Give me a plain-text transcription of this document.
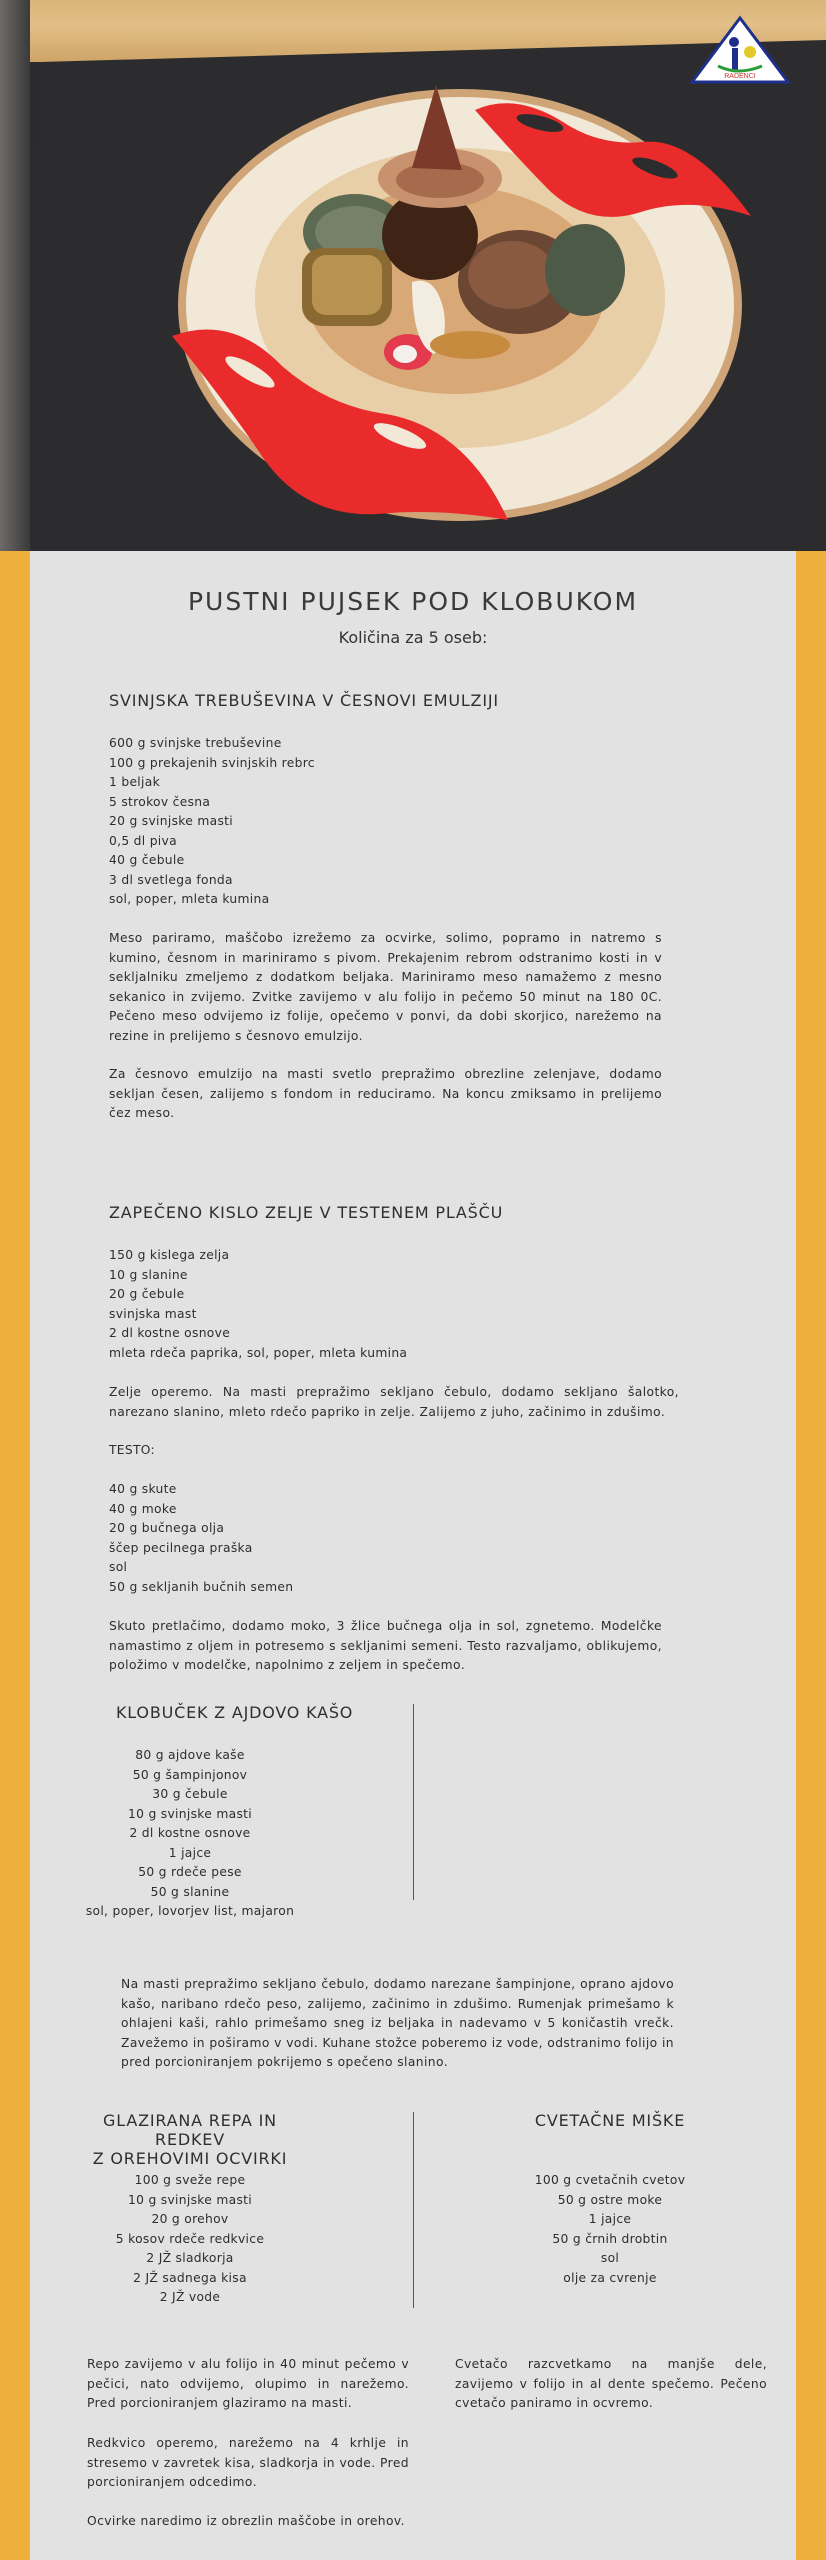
RADENCI
PUSTNI PUJSEK POD KLOBUKOM
Količina za 5 oseb:
SVINJSKA TREBUŠEVINA V ČESNOVI EMULZIJI
600 g svinjske trebuševine
100 g prekajenih svinjskih rebrc
1 beljak
5 strokov česna
20 g svinjske masti
0,5 dl piva
40 g čebule
3 dl svetlega fonda
sol, poper, mleta kumina

Meso pariramo, maščobo izrežemo za ocvirke, solimo, popramo in natremo s kumino, česnom in mariniramo s pivom. Prekajenim rebrom odstranimo kosti in v sekljalniku zmeljemo z dodatkom beljaka. Mariniramo meso namažemo z mesno sekanico in zvijemo. Zvitke zavijemo v alu folijo in pečemo 50 minut na 180 0C. Pečeno meso odvijemo iz folije, opečemo v ponvi, da dobi skorjico, narežemo na rezine in prelijemo s česnovo emulzijo.

Za česnovo emulzijo na masti svetlo prepražimo obrezline zelenjave, dodamo sekljan česen, zalijemo s fondom in reduciramo. Na koncu zmiksamo in prelijemo čez meso.

ZAPEČENO KISLO ZELJE V TESTENEM PLAŠČU
150 g kislega zelja
10 g slanine
20 g čebule
svinjska mast
2 dl kostne osnove
mleta rdeča paprika, sol, poper, mleta kumina

Zelje operemo. Na masti prepražimo sekljano čebulo, dodamo sekljano šalotko, narezano slanino, mleto rdečo papriko in zelje. Zalijemo z juho, začinimo in zdušimo.

TESTO:
40 g skute
40 g moke
20 g bučnega olja
ščep pecilnega praška
sol
50 g sekljanih bučnih semen

Skuto pretlačimo, dodamo moko, 3 žlice bučnega olja in sol, zgnetemo. Modelčke namastimo z oljem in potresemo s sekljanimi semeni. Testo razvaljamo, oblikujemo, položimo v modelčke, napolnimo z zeljem in spečemo.

KLOBUČEK Z AJDOVO KAŠO
80 g ajdove kaše
50 g šampinjonov
30 g čebule
10 g svinjske masti
2 dl kostne osnove
1 jajce
50 g rdeče pese
50 g slanine
sol, poper, lovorjev list, majaron

Na masti prepražimo sekljano čebulo, dodamo narezane šampinjone, oprano ajdovo kašo, naribano rdečo peso, zalijemo, začinimo in zdušimo. Rumenjak primešamo k ohlajeni kaši, rahlo primešamo sneg iz beljaka in nadevamo v 5 koničastih vrečk. Zavežemo in poširamo v vodi. Kuhane stožce poberemo iz vode, odstranimo folijo in pred porcioniranjem pokrijemo s opečeno slanino.

GLAZIRANA REPA IN REDKEV
Z OREHOVIMI OCVIRKI
CVETAČNE MIŠKE
100 g sveže repe
10 g svinjske masti
20 g orehov
5 kosov rdeče redkvice
2 JŽ sladkorja
2 JŽ sadnega kisa
2 JŽ vode
100 g cvetačnih cvetov
50 g ostre moke
1 jajce
50 g črnih drobtin
sol
olje za cvrenje

Repo zavijemo v alu folijo in 40 minut pečemo v pečici, nato odvijemo, olupimo in narežemo. Pred porcioniranjem glaziramo na masti.

Redkvico operemo, narežemo na 4 krhlje in stresemo v zavretek kisa, sladkorja in vode. Pred porcioniranjem odcedimo.

Ocvirke naredimo iz obrezlin maščobe in orehov.

Cvetačo razcvetkamo na manjše dele, zavijemo v folijo in al dente spečemo. Pečeno cvetačo paniramo in ocvremo.
